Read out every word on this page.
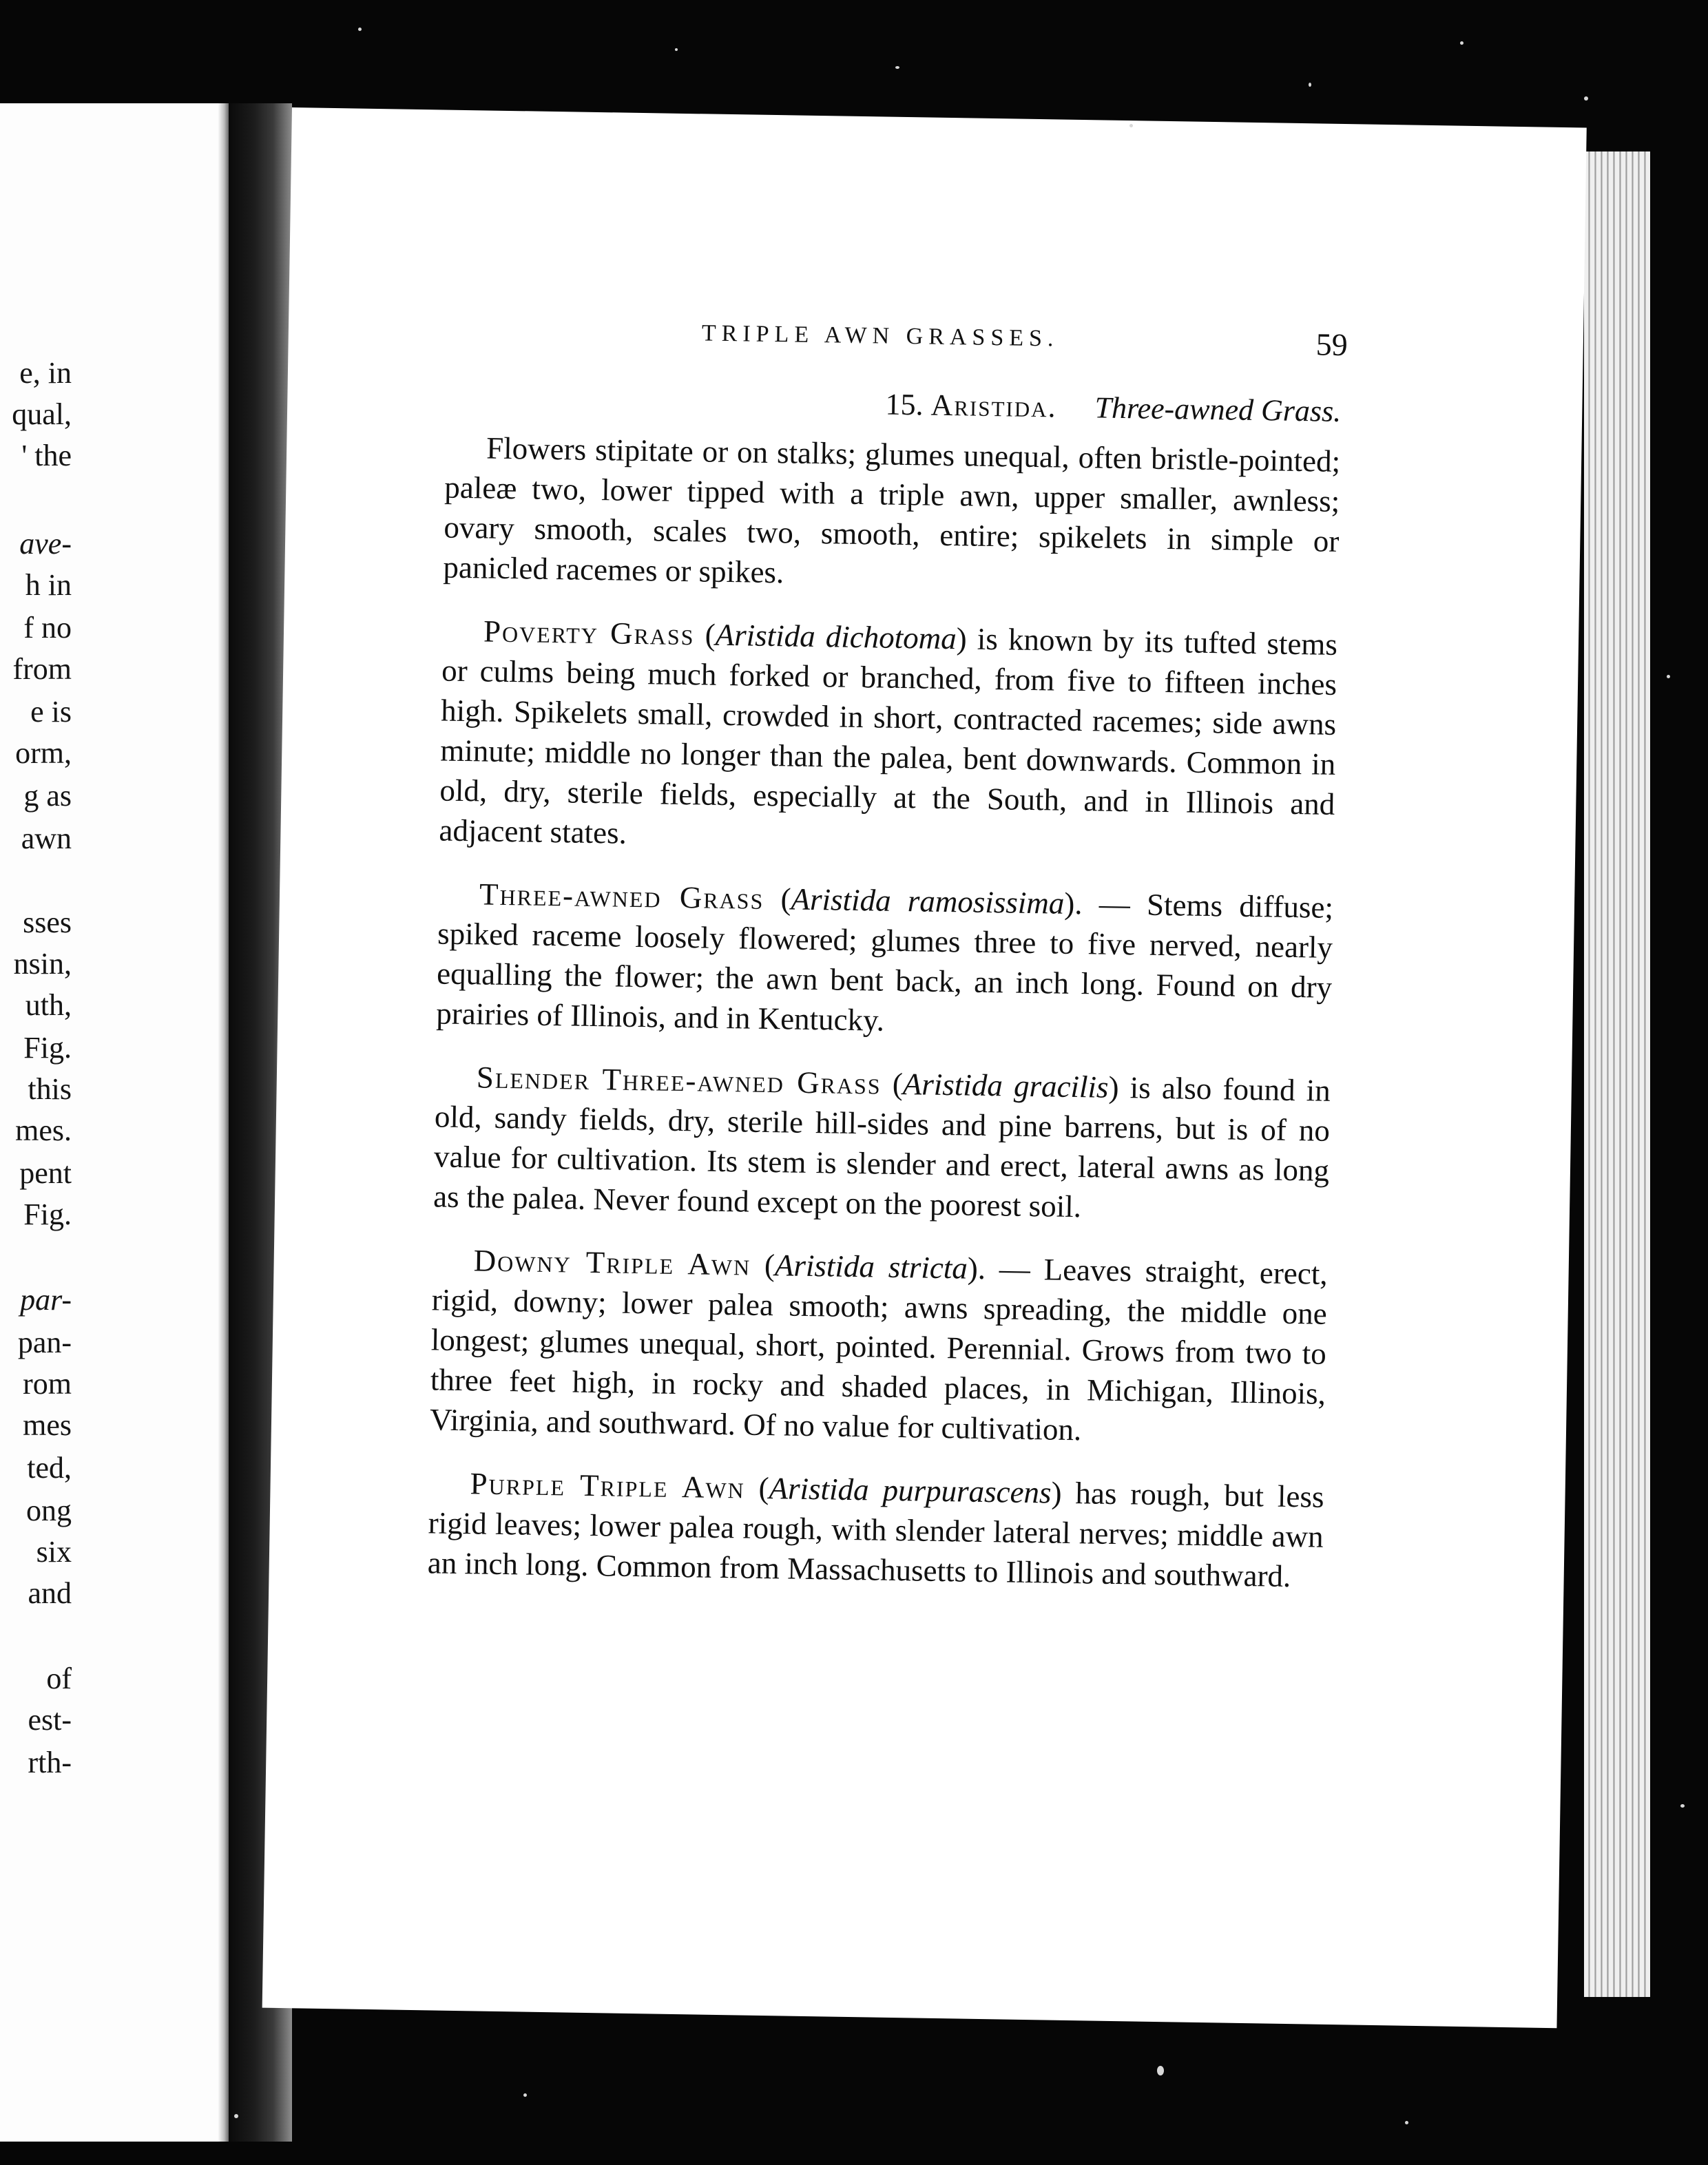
e, in
qual,
' the
ave-
h in
f no
from
e is
orm,
g as
awn
sses
nsin,
uth,
Fig.
this
mes.
pent
Fig.
par-
pan-
rom
mes
ted,
ong
six
and
of
est-
rth-
TRIPLE AWN GRASSES.	59
15. Aristida. Three-awned Grass.

Flowers stipitate or on stalks; glumes unequal, often bristle-pointed; paleæ two, lower tipped with a triple awn, upper smaller, awnless; ovary smooth, scales two, smooth, entire; spikelets in simple or panicled racemes or spikes.

Poverty Grass (Aristida dichotoma) is known by its tufted stems or culms being much forked or branched, from five to fifteen inches high. Spikelets small, crowded in short, contracted racemes; side awns minute; middle no longer than the palea, bent downwards. Common in old, dry, sterile fields, especially at the South, and in Illinois and adjacent states.

Three-awned Grass (Aristida ramosissima). — Stems diffuse; spiked raceme loosely flowered; glumes three to five nerved, nearly equalling the flower; the awn bent back, an inch long. Found on dry prairies of Illinois, and in Kentucky.

Slender Three-awned Grass (Aristida gracilis) is also found in old, sandy fields, dry, sterile hill-sides and pine barrens, but is of no value for cultivation. Its stem is slender and erect, lateral awns as long as the palea. Never found except on the poorest soil.

Downy Triple Awn (Aristida stricta). — Leaves straight, erect, rigid, downy; lower palea smooth; awns spreading, the middle one longest; glumes unequal, short, pointed. Perennial. Grows from two to three feet high, in rocky and shaded places, in Michigan, Illinois, Virginia, and southward. Of no value for cultivation.

Purple Triple Awn (Aristida purpurascens) has rough, but less rigid leaves; lower palea rough, with slender lateral nerves; middle awn an inch long. Common from Massachusetts to Illinois and southward.
